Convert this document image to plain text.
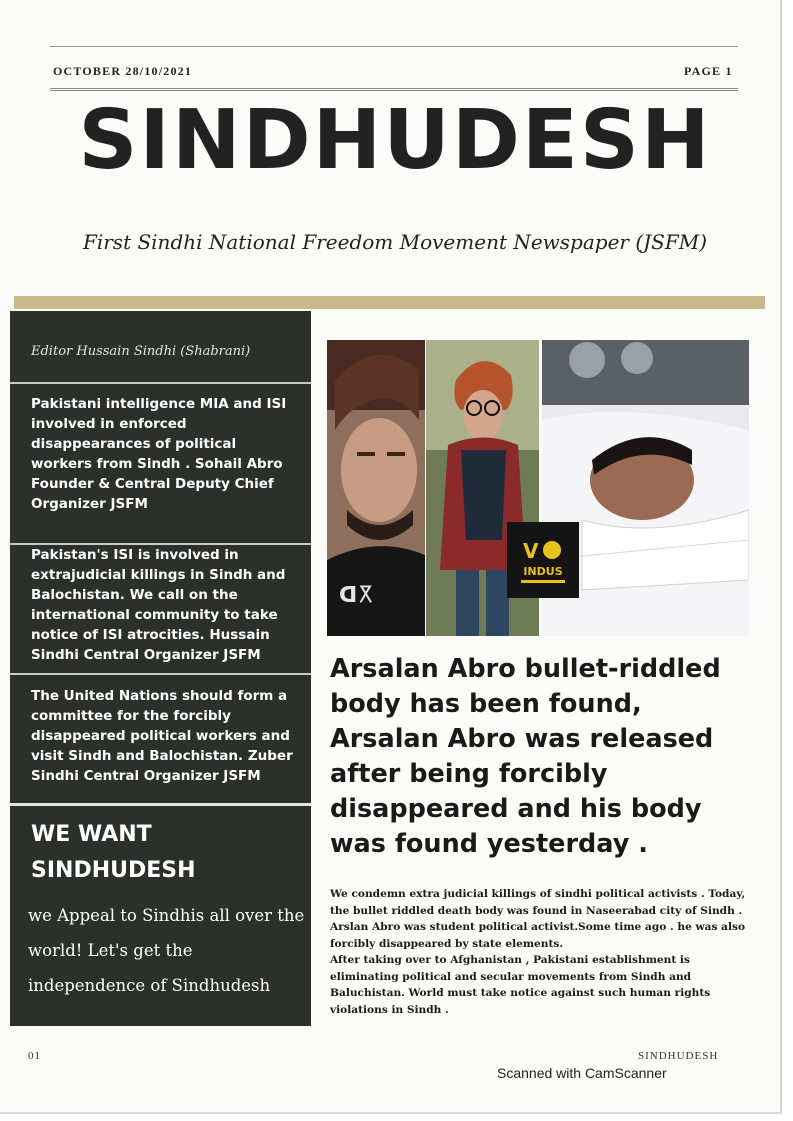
OCTOBER 28/10/2021	PAGE 1
SINDHUDESH
First Sindhi National Freedom Movement Newspaper (JSFM)
Editor Hussain Sindhi (Shabrani)
Pakistani intelligence MIA and ISI involved in enforced disappearances of political workers from Sindh . Sohail Abro Founder & Central Deputy Chief Organizer JSFM
Pakistan's ISI is involved in extrajudicial killings in Sindh and Balochistan. We call on the international community to take notice of ISI atrocities. Hussain Sindhi Central Organizer JSFM
The United Nations should form a committee for the forcibly disappeared political workers and visit Sindh and Balochistan. Zuber Sindhi Central Organizer JSFM
WE WANT
SINDHUDESH
we Appeal to Sindhis all over the world! Let's get the independence of Sindhudesh
ᗡ꓃
V
INDUS
Arsalan Abro bullet-riddled body has been found, Arsalan Abro was released after being forcibly disappeared and his body was found yesterday .

We condemn extra judicial killings of sindhi political activists . Today, the bullet riddled death body was found in Naseerabad city of Sindh . Arslan Abro was student political activist.Some time ago . he was also forcibly disappeared by state elements.

After taking over to Afghanistan , Pakistani establishment is eliminating political and secular movements from Sindh and Baluchistan. World must take notice against such human rights violations in Sindh .

01	SINDHUDESH
Scanned with CamScanner
